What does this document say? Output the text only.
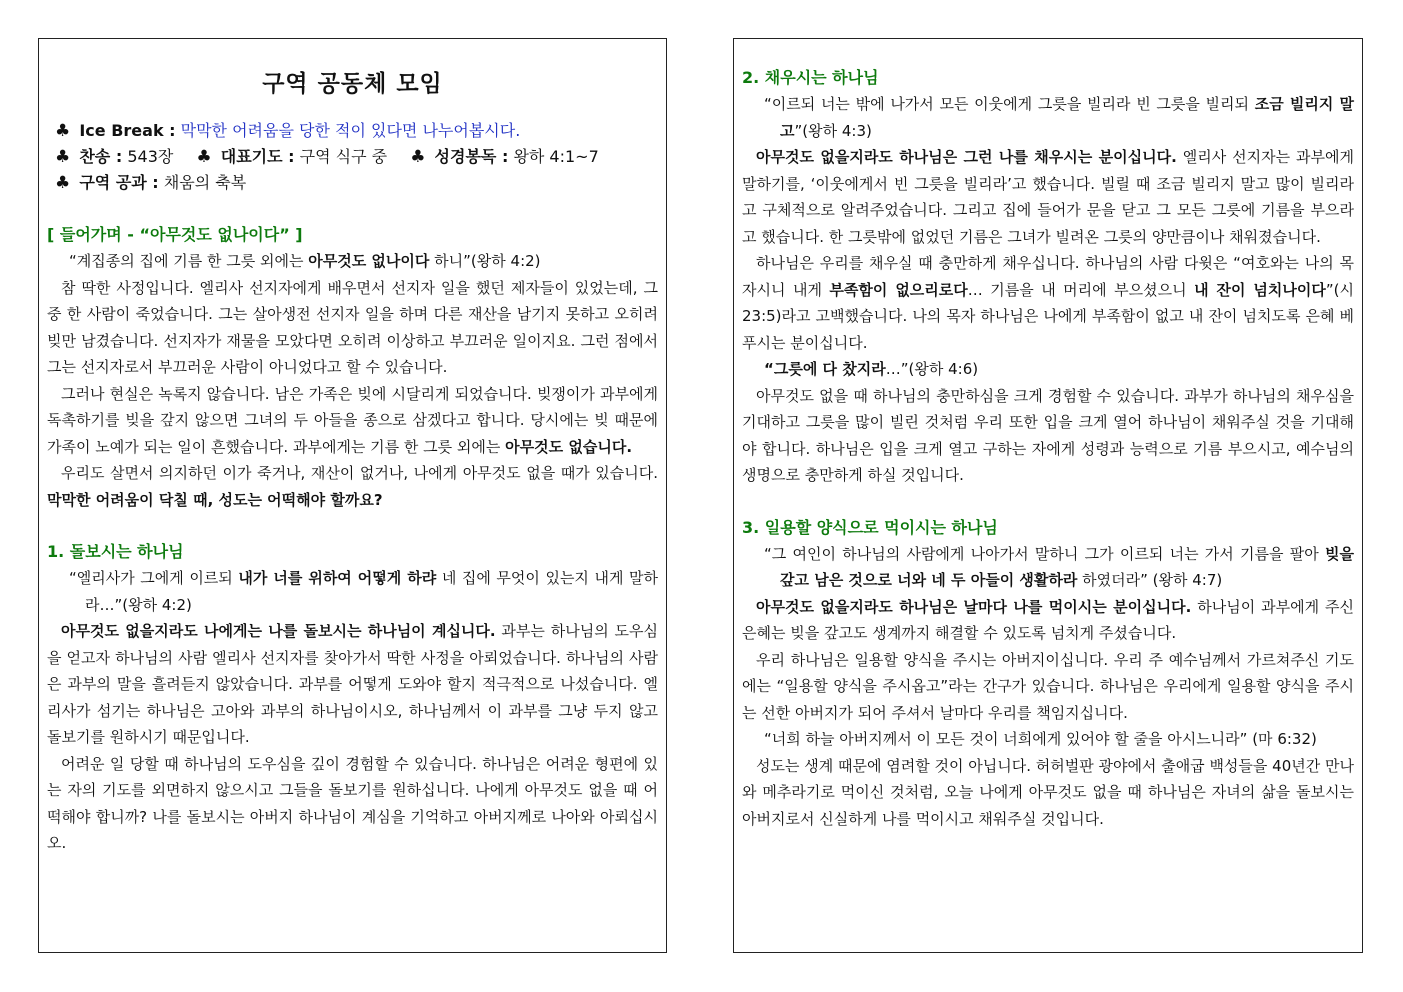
구역 공동체 모임
♣ Ice Break : 막막한 어려움을 당한 적이 있다면 나누어봅시다.
♣ 찬송 : 543장 ♣ 대표기도 : 구역 식구 중 ♣ 성경봉독 : 왕하 4:1~7
♣ 구역 공과 : 채움의 축복
[ 들어가며 - “아무것도 없나이다” ]

“계집종의 집에 기름 한 그릇 외에는 아무것도 없나이다 하니”(왕하 4:2)

참 딱한 사정입니다. 엘리사 선지자에게 배우면서 선지자 일을 했던 제자들이 있었는데, 그중 한 사람이 죽었습니다. 그는 살아생전 선지자 일을 하며 다른 재산을 남기지 못하고 오히려 빚만 남겼습니다. 선지자가 재물을 모았다면 오히려 이상하고 부끄러운 일이지요. 그런 점에서 그는 선지자로서 부끄러운 사람이 아니었다고 할 수 있습니다.

그러나 현실은 녹록지 않습니다. 남은 가족은 빚에 시달리게 되었습니다. 빚쟁이가 과부에게 독촉하기를 빚을 갚지 않으면 그녀의 두 아들을 종으로 삼겠다고 합니다. 당시에는 빚 때문에 가족이 노예가 되는 일이 흔했습니다. 과부에게는 기름 한 그릇 외에는 아무것도 없습니다.

우리도 살면서 의지하던 이가 죽거나, 재산이 없거나, 나에게 아무것도 없을 때가 있습니다. 막막한 어려움이 닥칠 때, 성도는 어떡해야 할까요?

1. 돌보시는 하나님

“엘리사가 그에게 이르되 내가 너를 위하여 어떻게 하랴 네 집에 무엇이 있는지 내게 말하라…”(왕하 4:2)

아무것도 없을지라도 나에게는 나를 돌보시는 하나님이 계십니다. 과부는 하나님의 도우심을 얻고자 하나님의 사람 엘리사 선지자를 찾아가서 딱한 사정을 아뢰었습니다. 하나님의 사람은 과부의 말을 흘려듣지 않았습니다. 과부를 어떻게 도와야 할지 적극적으로 나섰습니다. 엘리사가 섬기는 하나님은 고아와 과부의 하나님이시오, 하나님께서 이 과부를 그냥 두지 않고 돌보기를 원하시기 때문입니다.

어려운 일 당할 때 하나님의 도우심을 깊이 경험할 수 있습니다. 하나님은 어려운 형편에 있는 자의 기도를 외면하지 않으시고 그들을 돌보기를 원하십니다. 나에게 아무것도 없을 때 어떡해야 합니까? 나를 돌보시는 아버지 하나님이 계심을 기억하고 아버지께로 나아와 아뢰십시오.

2. 채우시는 하나님

“이르되 너는 밖에 나가서 모든 이웃에게 그릇을 빌리라 빈 그릇을 빌리되 조금 빌리지 말고”(왕하 4:3)

아무것도 없을지라도 하나님은 그런 나를 채우시는 분이십니다. 엘리사 선지자는 과부에게 말하기를, ‘이웃에게서 빈 그릇을 빌리라’고 했습니다. 빌릴 때 조금 빌리지 말고 많이 빌리라고 구체적으로 알려주었습니다. 그리고 집에 들어가 문을 닫고 그 모든 그릇에 기름을 부으라고 했습니다. 한 그릇밖에 없었던 기름은 그녀가 빌려온 그릇의 양만큼이나 채워졌습니다.

하나님은 우리를 채우실 때 충만하게 채우십니다. 하나님의 사람 다윗은 “여호와는 나의 목자시니 내게 부족함이 없으리로다… 기름을 내 머리에 부으셨으니 내 잔이 넘치나이다”(시 23:5)라고 고백했습니다. 나의 목자 하나님은 나에게 부족함이 없고 내 잔이 넘치도록 은혜 베푸시는 분이십니다.

“그릇에 다 찼지라…”(왕하 4:6)

아무것도 없을 때 하나님의 충만하심을 크게 경험할 수 있습니다. 과부가 하나님의 채우심을 기대하고 그릇을 많이 빌린 것처럼 우리 또한 입을 크게 열어 하나님이 채워주실 것을 기대해야 합니다. 하나님은 입을 크게 열고 구하는 자에게 성령과 능력으로 기름 부으시고, 예수님의 생명으로 충만하게 하실 것입니다.

3. 일용할 양식으로 먹이시는 하나님

“그 여인이 하나님의 사람에게 나아가서 말하니 그가 이르되 너는 가서 기름을 팔아 빚을 갚고 남은 것으로 너와 네 두 아들이 생활하라 하였더라” (왕하 4:7)

아무것도 없을지라도 하나님은 날마다 나를 먹이시는 분이십니다. 하나님이 과부에게 주신 은혜는 빚을 갚고도 생계까지 해결할 수 있도록 넘치게 주셨습니다.

우리 하나님은 일용할 양식을 주시는 아버지이십니다. 우리 주 예수님께서 가르쳐주신 기도에는 “일용할 양식을 주시옵고”라는 간구가 있습니다. 하나님은 우리에게 일용할 양식을 주시는 선한 아버지가 되어 주셔서 날마다 우리를 책임지십니다.

“너희 하늘 아버지께서 이 모든 것이 너희에게 있어야 할 줄을 아시느니라” (마 6:32)

성도는 생계 때문에 염려할 것이 아닙니다. 허허벌판 광야에서 출애굽 백성들을 40년간 만나와 메추라기로 먹이신 것처럼, 오늘 나에게 아무것도 없을 때 하나님은 자녀의 삶을 돌보시는 아버지로서 신실하게 나를 먹이시고 채워주실 것입니다.
